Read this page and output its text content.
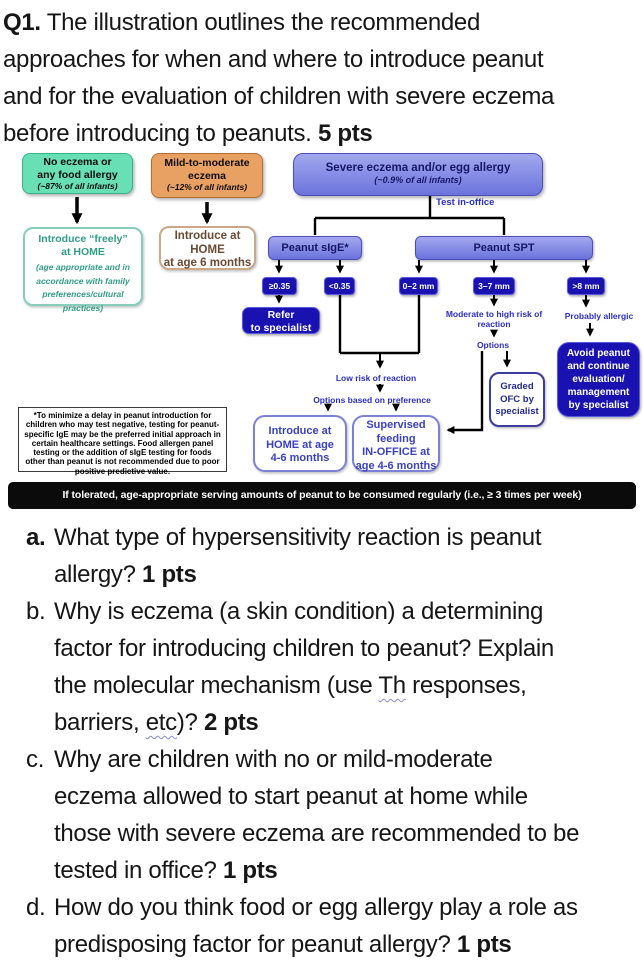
Q1. The illustration outlines the recommended
approaches for when and where to introduce peanut
and for the evaluation of children with severe eczema
before introducing to peanuts. 5 pts
No eczema or
any food allergy
(~87% of all infants)
Mild-to-moderate
eczema
(~12% of all infants)
Severe eczema and/or egg allergy
(~0.9% of all infants)
Test in-office
Introduce “freely”
at HOME
(age appropriate and in
accordance with family
preferences/cultural
practices)
Introduce at
HOME
at age 6 months
Peanut sIgE*	Peanut SPT
≥0.35	<0.35	0–2 mm	3–7 mm	>8 mm
Refer
to specialist
Moderate to high risk of
reaction
Options
Probably allergic
Avoid peanut
and continue
evaluation/
management
by specialist
Low risk of reaction
Options based on preference
Introduce at
HOME at age
4-6 months
Supervised
feeding
IN-OFFICE at
age 4-6 months
Graded
OFC by
specialist
*To minimize a delay in peanut introduction for children who may test negative, testing for peanut-specific IgE may be the preferred initial approach in certain healthcare settings. Food allergen panel testing or the addition of sIgE testing for foods other than peanut is not recommended due to poor positive predictive value.
If tolerated, age-appropriate serving amounts of peanut to be consumed regularly (i.e., ≥ 3 times per week)
a. What type of hypersensitivity reaction is peanut
allergy? 1 pts
b. Why is eczema (a skin condition) a determining
factor for introducing children to peanut? Explain
the molecular mechanism (use Th responses,
barriers, etc)? 2 pts
c. Why are children with no or mild-moderate
eczema allowed to start peanut at home while
those with severe eczema are recommended to be
tested in office? 1 pts
d. How do you think food or egg allergy play a role as
predisposing factor for peanut allergy? 1 pts
